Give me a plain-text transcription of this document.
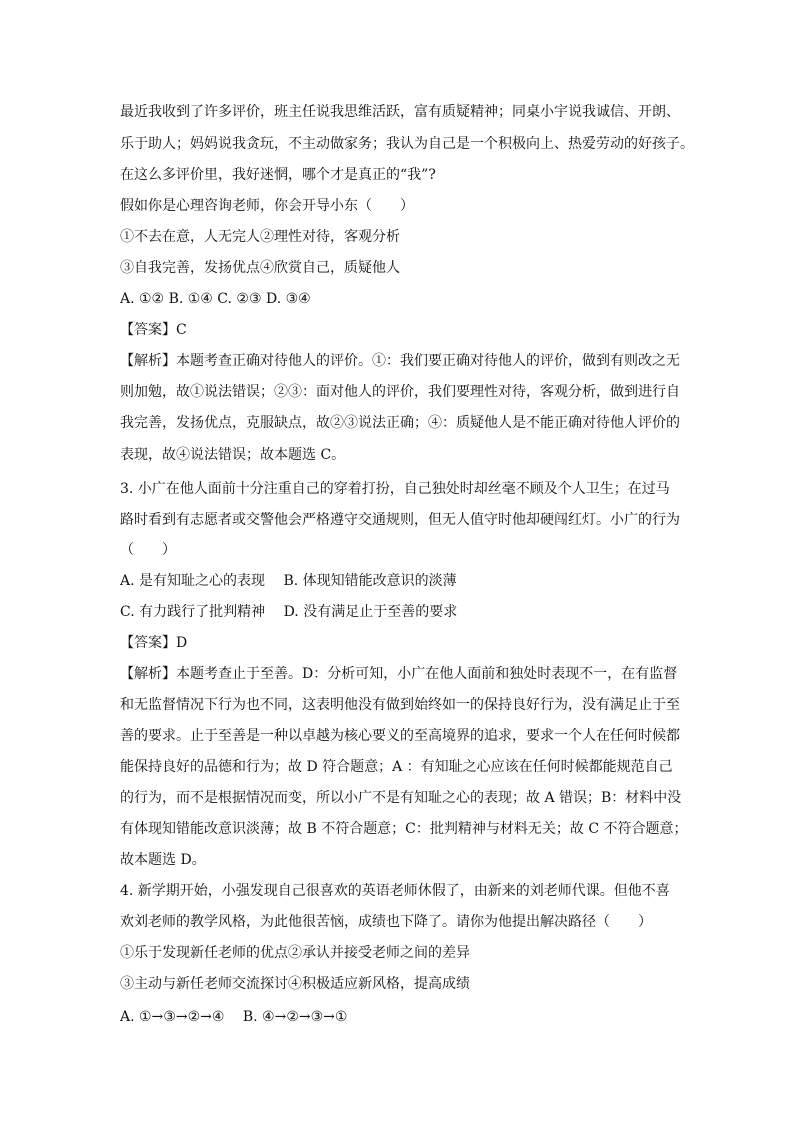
最近我收到了许多评价，班主任说我思维活跃，富有质疑精神；同桌小宇说我诚信、开朗、
乐于助人；妈妈说我贪玩，不主动做家务；我认为自己是一个积极向上、热爱劳动的好孩子。
在这么多评价里，我好迷惘，哪个才是真正的“我”?
假如你是心理咨询老师，你会开导小东（　　）
①不去在意，人无完人②理性对待，客观分析
③自我完善，发扬优点④欣赏自己，质疑他人
A. ①② B. ①④ C. ②③ D. ③④
【答案】C
【解析】本题考查正确对待他人的评价。①：我们要正确对待他人的评价，做到有则改之无
则加勉，故①说法错误；②③：面对他人的评价，我们要理性对待，客观分析，做到进行自
我完善，发扬优点，克服缺点，故②③说法正确；④：质疑他人是不能正确对待他人评价的
表现，故④说法错误；故本题选 C。
3. 小广在他人面前十分注重自己的穿着打扮，自己独处时却丝毫不顾及个人卫生；在过马
路时看到有志愿者或交警他会严格遵守交通规则，但无人值守时他却硬闯红灯。小广的行为
（　　）
A. 是有知耻之心的表现　 B. 体现知错能改意识的淡薄
C. 有力践行了批判精神　 D. 没有满足止于至善的要求
【答案】D
【解析】本题考查止于至善。D：分析可知，小广在他人面前和独处时表现不一，在有监督
和无监督情况下行为也不同，这表明他没有做到始终如一的保持良好行为，没有满足止于至
善的要求。止于至善是一种以卓越为核心要义的至高境界的追求，要求一个人在任何时候都
能保持良好的品德和行为；故 D 符合题意；A ：有知耻之心应该在任何时候都能规范自己
的行为，而不是根据情况而变，所以小广不是有知耻之心的表现；故 A 错误；B：材料中没
有体现知错能改意识淡薄；故 B 不符合题意；C：批判精神与材料无关；故 C 不符合题意；
故本题选 D。
4. 新学期开始，小强发现自己很喜欢的英语老师休假了，由新来的刘老师代课。但他不喜
欢刘老师的教学风格，为此他很苦恼，成绩也下降了。请你为他提出解决路径（　　）
①乐于发现新任老师的优点②承认并接受老师之间的差异
③主动与新任老师交流探讨④积极适应新风格，提高成绩
A. ①→③→②→④　 B. ④→②→③→①
